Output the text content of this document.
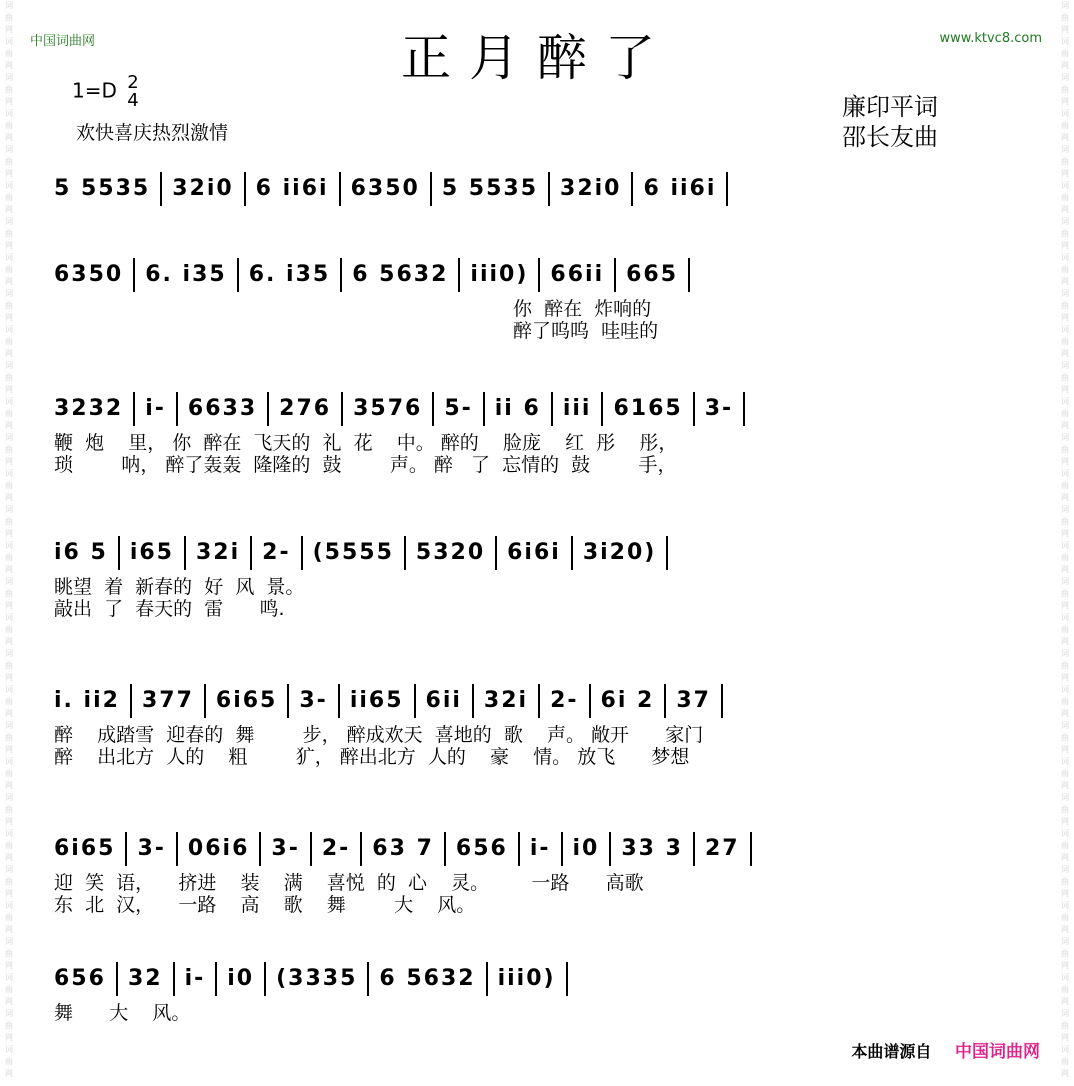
词
曲
网
词
曲
网
词
曲
网
词
曲
网
词
曲
网
词
曲
网
词
曲
网
词
曲
网
词
曲
网
词
曲
网
词
曲
网
词
曲
网
词
曲
网
词
曲
网
词
曲
网
词
曲
网
词
曲
网
词
曲
网
词
曲
网
词
曲
网
词
曲
网
词
曲
网
词
曲
网
词
曲
网
词
曲
网
词
曲
网
词
曲
网
词
曲
网
词
曲
网
词
曲
网
词
曲
网
词
曲
网
词
曲
网
词
曲
网
词
曲
网
词
曲
网
词
曲
网
词
曲
网
词
曲
网
词
曲
网
词
曲
网
词
曲
网
词
曲
网
词
曲
网
词
曲
网
词
曲
网
词
曲
网
词
曲
网
词
曲
网
词
曲
网
词
曲
网
词
曲
网
词
曲
网
词
曲
网
词
曲
网
词
曲
网
词
曲
网
词
曲
网
词
曲
网
词
曲
网
中国词曲网	www.ktvc8.com
正月醉了
1=D 2
4
欢快喜庆热烈激情
廉印平词
邵长友曲
5 5535 32i0 6 ii6i 6350 5 5535 32i0 6 ii6i
6350 6. i35 6. i35 6 5632 iii0) 66ii 665
你  醉在  炸响的
醉了呜呜  哇哇的
3232 i- 6633 276 3576 5- ii 6 iii 6165 3-
鞭  炮    里， 你  醉在  飞天的  礼  花    中。 醉的    脸庞    红  彤    彤，
琐        呐， 醉了轰轰  隆隆的  鼓        声。 醉   了  忘情的  鼓        手，
i6 5 i65 32i 2- (5555 5320 6i6i 3i20)
眺望  着  新春的  好  风  景。
敲出  了  春天的  雷      鸣.
i. ii2 377 6i65 3- ii65 6ii 32i 2- 6i 2 37
醉    成踏雪  迎春的  舞        步， 醉成欢天  喜地的  歌    声。 敞开      家门
醉    出北方  人的    粗        犷， 醉出北方  人的    豪    情。 放飞      梦想
6i65 3- 06i6 3- 2- 63 7 656 i- i0 33 3 27
迎  笑  语，    挤进    装    满    喜悦  的  心    灵。       一路      高歌
东  北  汉，    一路    高    歌    舞        大    风。
656 32 i- i0 (3335 6 5632 iii0)
舞      大    风。
本曲谱源自 中国词曲网
